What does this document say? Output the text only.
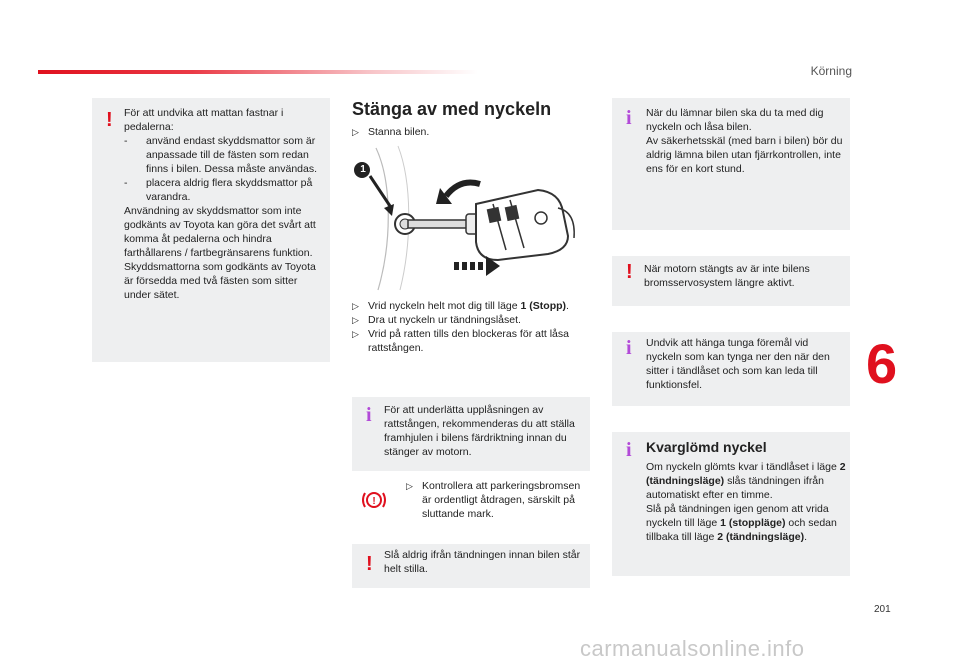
Körning
! För att undvika att mattan fastnar i pedalerna:

-	använd endast skyddsmattor som är anpassade till de fästen som redan finns i bilen. Dessa måste användas.
-	placera aldrig flera skyddsmattor på varandra.

Användning av skyddsmattor som inte godkänts av Toyota kan göra det svårt att komma åt pedalerna och hindra farthållarens / fartbegränsarens funktion.

Skyddsmattorna som godkänts av Toyota är försedda med två fästen som sitter under sätet.

Stänga av med nyckeln
▷ Stanna bilen.
1
▷ Vrid nyckeln helt mot dig till läge 1 (Stopp).
▷ Dra ut nyckeln ur tändningslåset.
▷ Vrid på ratten tills den blockeras för att låsa rattstången.
i För att underlätta upplåsningen av rattstången, rekommenderas du att ställa framhjulen i bilens färdriktning innan du stänger av motorn.
!
▷ Kontrollera att parkeringsbromsen är ordentligt åtdragen, särskilt på sluttande mark.
! Slå aldrig ifrån tändningen innan bilen står helt stilla.
i När du lämnar bilen ska du ta med dig nyckeln och låsa bilen.
Av säkerhetsskäl (med barn i bilen) bör du aldrig lämna bilen utan fjärrkontrollen, inte ens för en kort stund.
! När motorn stängts av är inte bilens bromsservosystem längre aktivt.
i Undvik att hänga tunga föremål vid nyckeln som kan tynga ner den när den sitter i tändlåset och som kan leda till funktionsfel.
i Kvarglömd nyckel

Om nyckeln glömts kvar i tändlåset i läge 2 (tändningsläge) slås tändningen ifrån automatiskt efter en timme.

Slå på tändningen igen genom att vrida nyckeln till läge 1 (stoppläge) och sedan tillbaka till läge 2 (tändningsläge).

6
201
carmanualsonline.info
